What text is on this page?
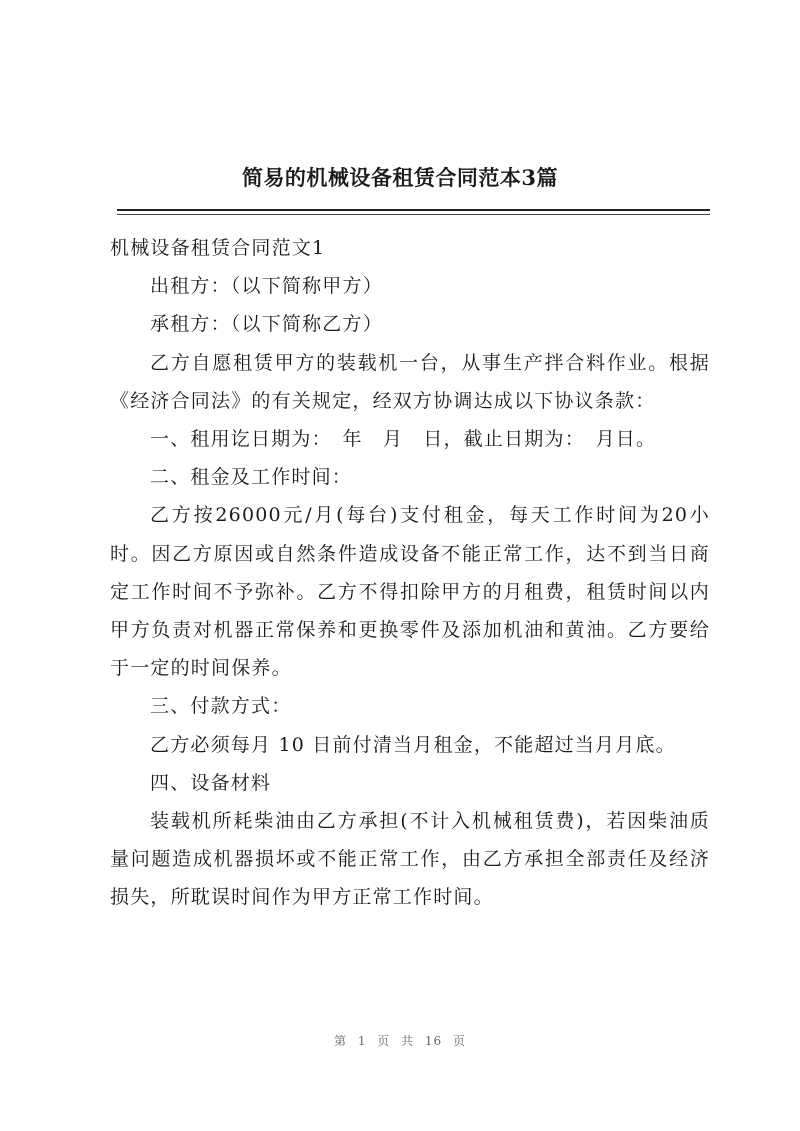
简易的机械设备租赁合同范本3篇

机械设备租赁合同范文1

出租方：（以下简称甲方）

承租方：（以下简称乙方）

乙方自愿租赁甲方的装载机一台，从事生产拌合料作业。根据《经济合同法》的有关规定，经双方协调达成以下协议条款：

一、租用讫日期为：　年　月　日，截止日期为：　月日。

二、租金及工作时间：

乙方按26000元/月(每台)支付租金，每天工作时间为20小时。因乙方原因或自然条件造成设备不能正常工作，达不到当日商定工作时间不予弥补。乙方不得扣除甲方的月租费，租赁时间以内甲方负责对机器正常保养和更换零件及添加机油和黄油。乙方要给于一定的时间保养。

三、付款方式：

乙方必须每月 10 日前付清当月租金，不能超过当月月底。

四、设备材料

装载机所耗柴油由乙方承担(不计入机械租赁费)，若因柴油质量问题造成机器损坏或不能正常工作，由乙方承担全部责任及经济损失，所耽误时间作为甲方正常工作时间。

第 1 页 共 16 页
